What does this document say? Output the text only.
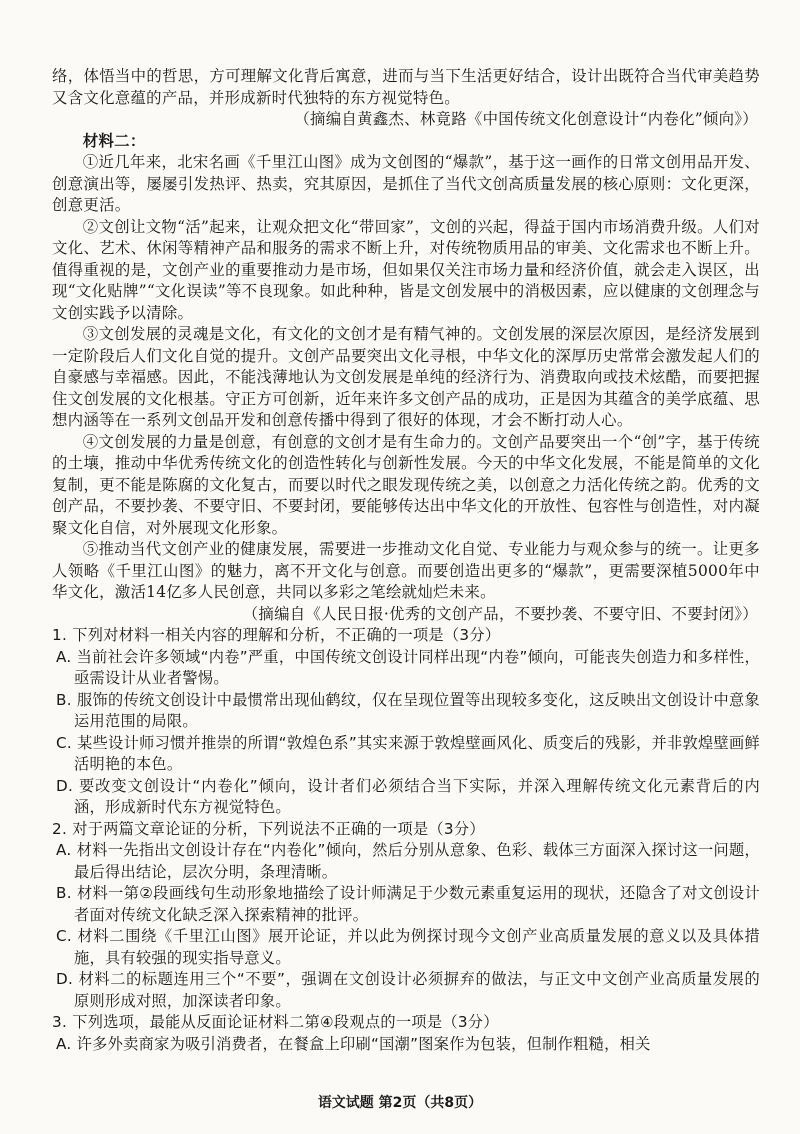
络，体悟当中的哲思，方可理解文化背后寓意，进而与当下生活更好结合，设计出既符合当代审美趋势又含文化意蕴的产品，并形成新时代独特的东方视觉特色。

（摘编自黄鑫杰、林竟路《中国传统文化创意设计“内卷化”倾向》）

材料二：

①近几年来，北宋名画《千里江山图》成为文创图的“爆款”，基于这一画作的日常文创用品开发、创意演出等，屡屡引发热评、热卖，究其原因，是抓住了当代文创高质量发展的核心原则：文化更深，创意更活。

②文创让文物“活”起来，让观众把文化“带回家”，文创的兴起，得益于国内市场消费升级。人们对文化、艺术、休闲等精神产品和服务的需求不断上升，对传统物质用品的审美、文化需求也不断上升。值得重视的是，文创产业的重要推动力是市场，但如果仅关注市场力量和经济价值，就会走入误区，出现“文化贴牌”“文化误读”等不良现象。如此种种，皆是文创发展中的消极因素，应以健康的文创理念与文创实践予以清除。

③文创发展的灵魂是文化，有文化的文创才是有精气神的。文创发展的深层次原因，是经济发展到一定阶段后人们文化自觉的提升。文创产品要突出文化寻根，中华文化的深厚历史常常会激发起人们的自豪感与幸福感。因此，不能浅薄地认为文创发展是单纯的经济行为、消费取向或技术炫酷，而要把握住文创发展的文化根基。守正方可创新，近年来许多文创产品的成功，正是因为其蕴含的美学底蕴、思想内涵等在一系列文创品开发和创意传播中得到了很好的体现，才会不断打动人心。

④文创发展的力量是创意，有创意的文创才是有生命力的。文创产品要突出一个“创”字，基于传统的土壤，推动中华优秀传统文化的创造性转化与创新性发展。今天的中华文化发展，不能是简单的文化复制，更不能是陈腐的文化复古，而要以时代之眼发现传统之美，以创意之力活化传统之韵。优秀的文创产品，不要抄袭、不要守旧、不要封闭，要能够传达出中华文化的开放性、包容性与创造性，对内凝聚文化自信，对外展现文化形象。

⑤推动当代文创产业的健康发展，需要进一步推动文化自觉、专业能力与观众参与的统一。让更多人领略《千里江山图》的魅力，离不开文化与创意。而要创造出更多的“爆款”，更需要深植5000年中华文化，激活14亿多人民创意，共同以多彩之笔绘就灿烂未来。

（摘编自《人民日报·优秀的文创产品，不要抄袭、不要守旧、不要封闭》）

1. 下列对材料一相关内容的理解和分析，不正确的一项是（3分）

A. 当前社会许多领域“内卷”严重，中国传统文创设计同样出现“内卷”倾向，可能丧失创造力和多样性，亟需设计从业者警惕。

B. 服饰的传统文创设计中最惯常出现仙鹤纹，仅在呈现位置等出现较多变化，这反映出文创设计中意象运用范围的局限。

C. 某些设计师习惯并推崇的所谓“敦煌色系”其实来源于敦煌壁画风化、质变后的残影，并非敦煌壁画鲜活明艳的本色。

D. 要改变文创设计“内卷化”倾向，设计者们必须结合当下实际，并深入理解传统文化元素背后的内涵，形成新时代东方视觉特色。

2. 对于两篇文章论证的分析，下列说法不正确的一项是（3分）

A. 材料一先指出文创设计存在“内卷化”倾向，然后分别从意象、色彩、载体三方面深入探讨这一问题，最后得出结论，层次分明，条理清晰。

B. 材料一第②段画线句生动形象地描绘了设计师满足于少数元素重复运用的现状，还隐含了对文创设计者面对传统文化缺乏深入探索精神的批评。

C. 材料二围绕《千里江山图》展开论证，并以此为例探讨现今文创产业高质量发展的意义以及具体措施，具有较强的现实指导意义。

D. 材料二的标题连用三个“不要”，强调在文创设计必须摒弃的做法，与正文中文创产业高质量发展的原则形成对照，加深读者印象。

3. 下列选项，最能从反面论证材料二第④段观点的一项是（3分）

A. 许多外卖商家为吸引消费者，在餐盒上印刷“国潮”图案作为包装，但制作粗糙，相关

语文试题 第2页（共8页）
